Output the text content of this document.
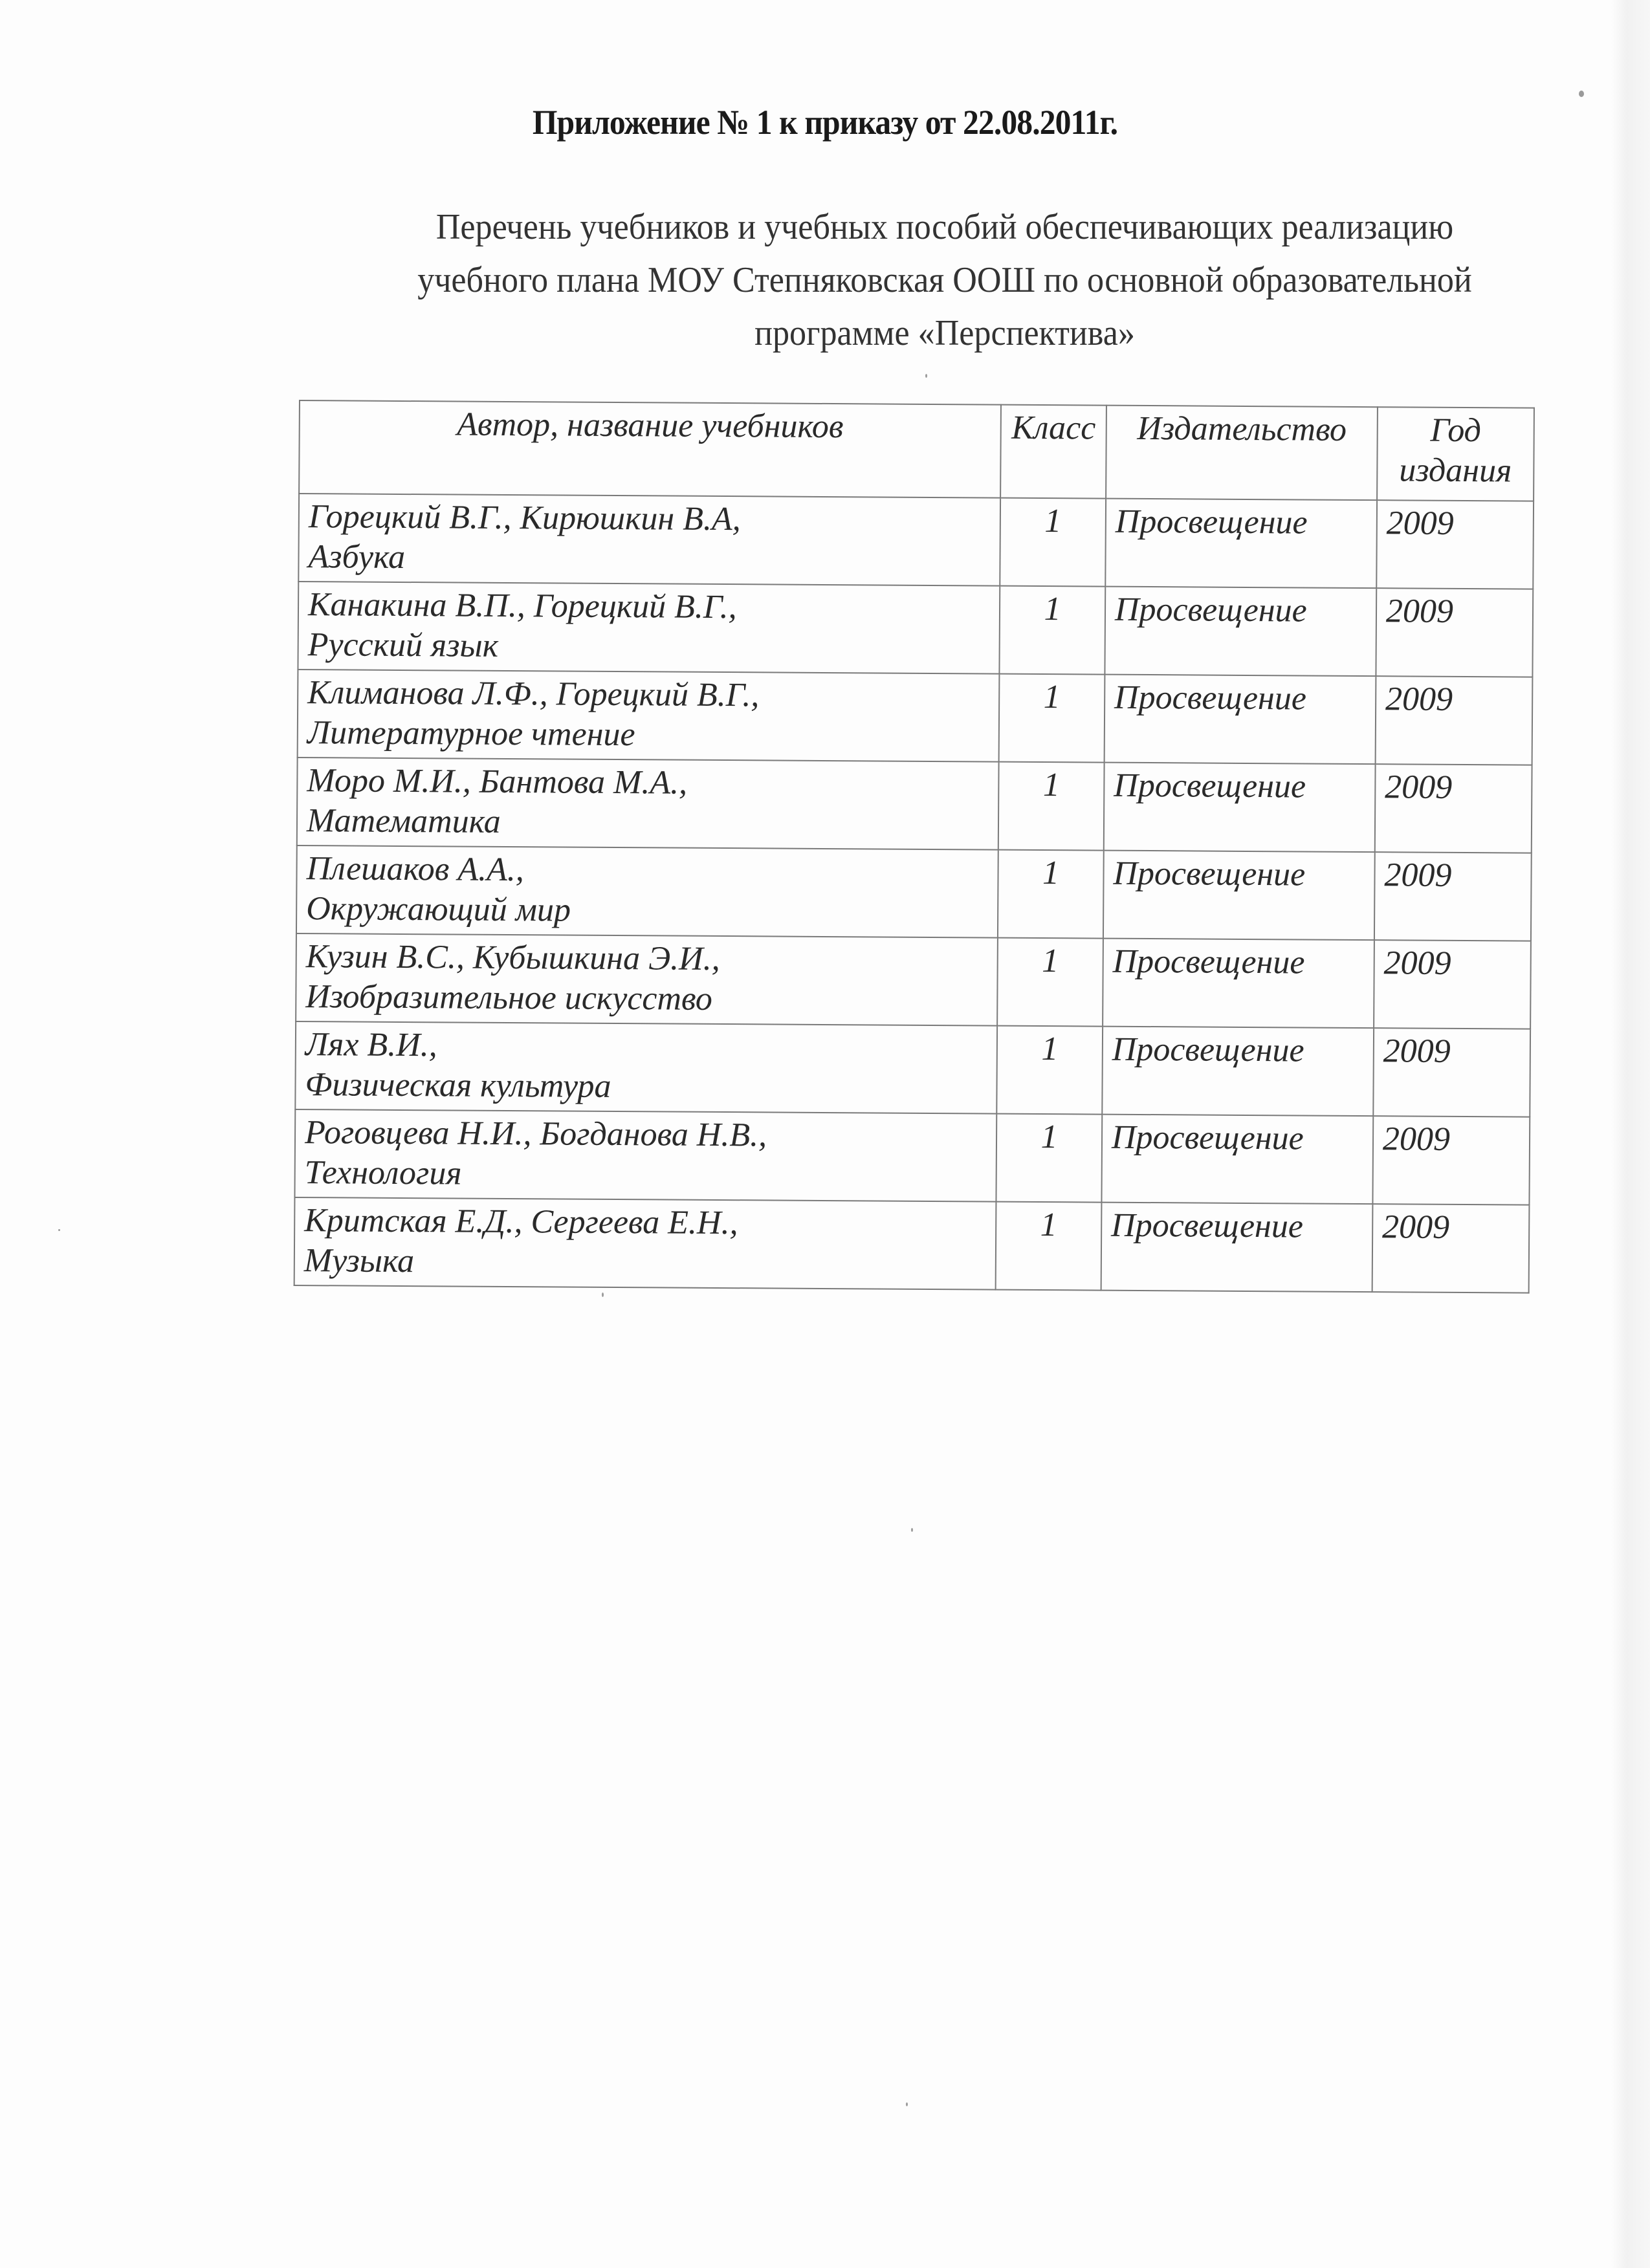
Приложение № 1 к приказу от 22.08.2011г.
Перечень учебников и учебных пособий обеспечивающих реализацию
учебного плана МОУ Степняковская ООШ по основной образовательной
программе «Перспектива»
Автор, название учебников	Класс	Издательство	Год
издания

Горецкий В.Г., Кирюшкин В.А,
Азбука	1	Просвещение	2009

Канакина В.П., Горецкий В.Г.,
Русский язык	1	Просвещение	2009

Климанова Л.Ф., Горецкий В.Г.,
Литературное чтение	1	Просвещение	2009

Моро М.И., Бантова М.А.,
Математика	1	Просвещение	2009

Плешаков А.А.,
Окружающий мир	1	Просвещение	2009

Кузин В.С., Кубышкина Э.И.,
Изобразительное искусство	1	Просвещение	2009

Лях В.И.,
Физическая культура	1	Просвещение	2009

Роговцева Н.И., Богданова Н.В.,
Технология	1	Просвещение	2009

Критская Е.Д., Сергеева Е.Н.,
Музыка	1	Просвещение	2009
